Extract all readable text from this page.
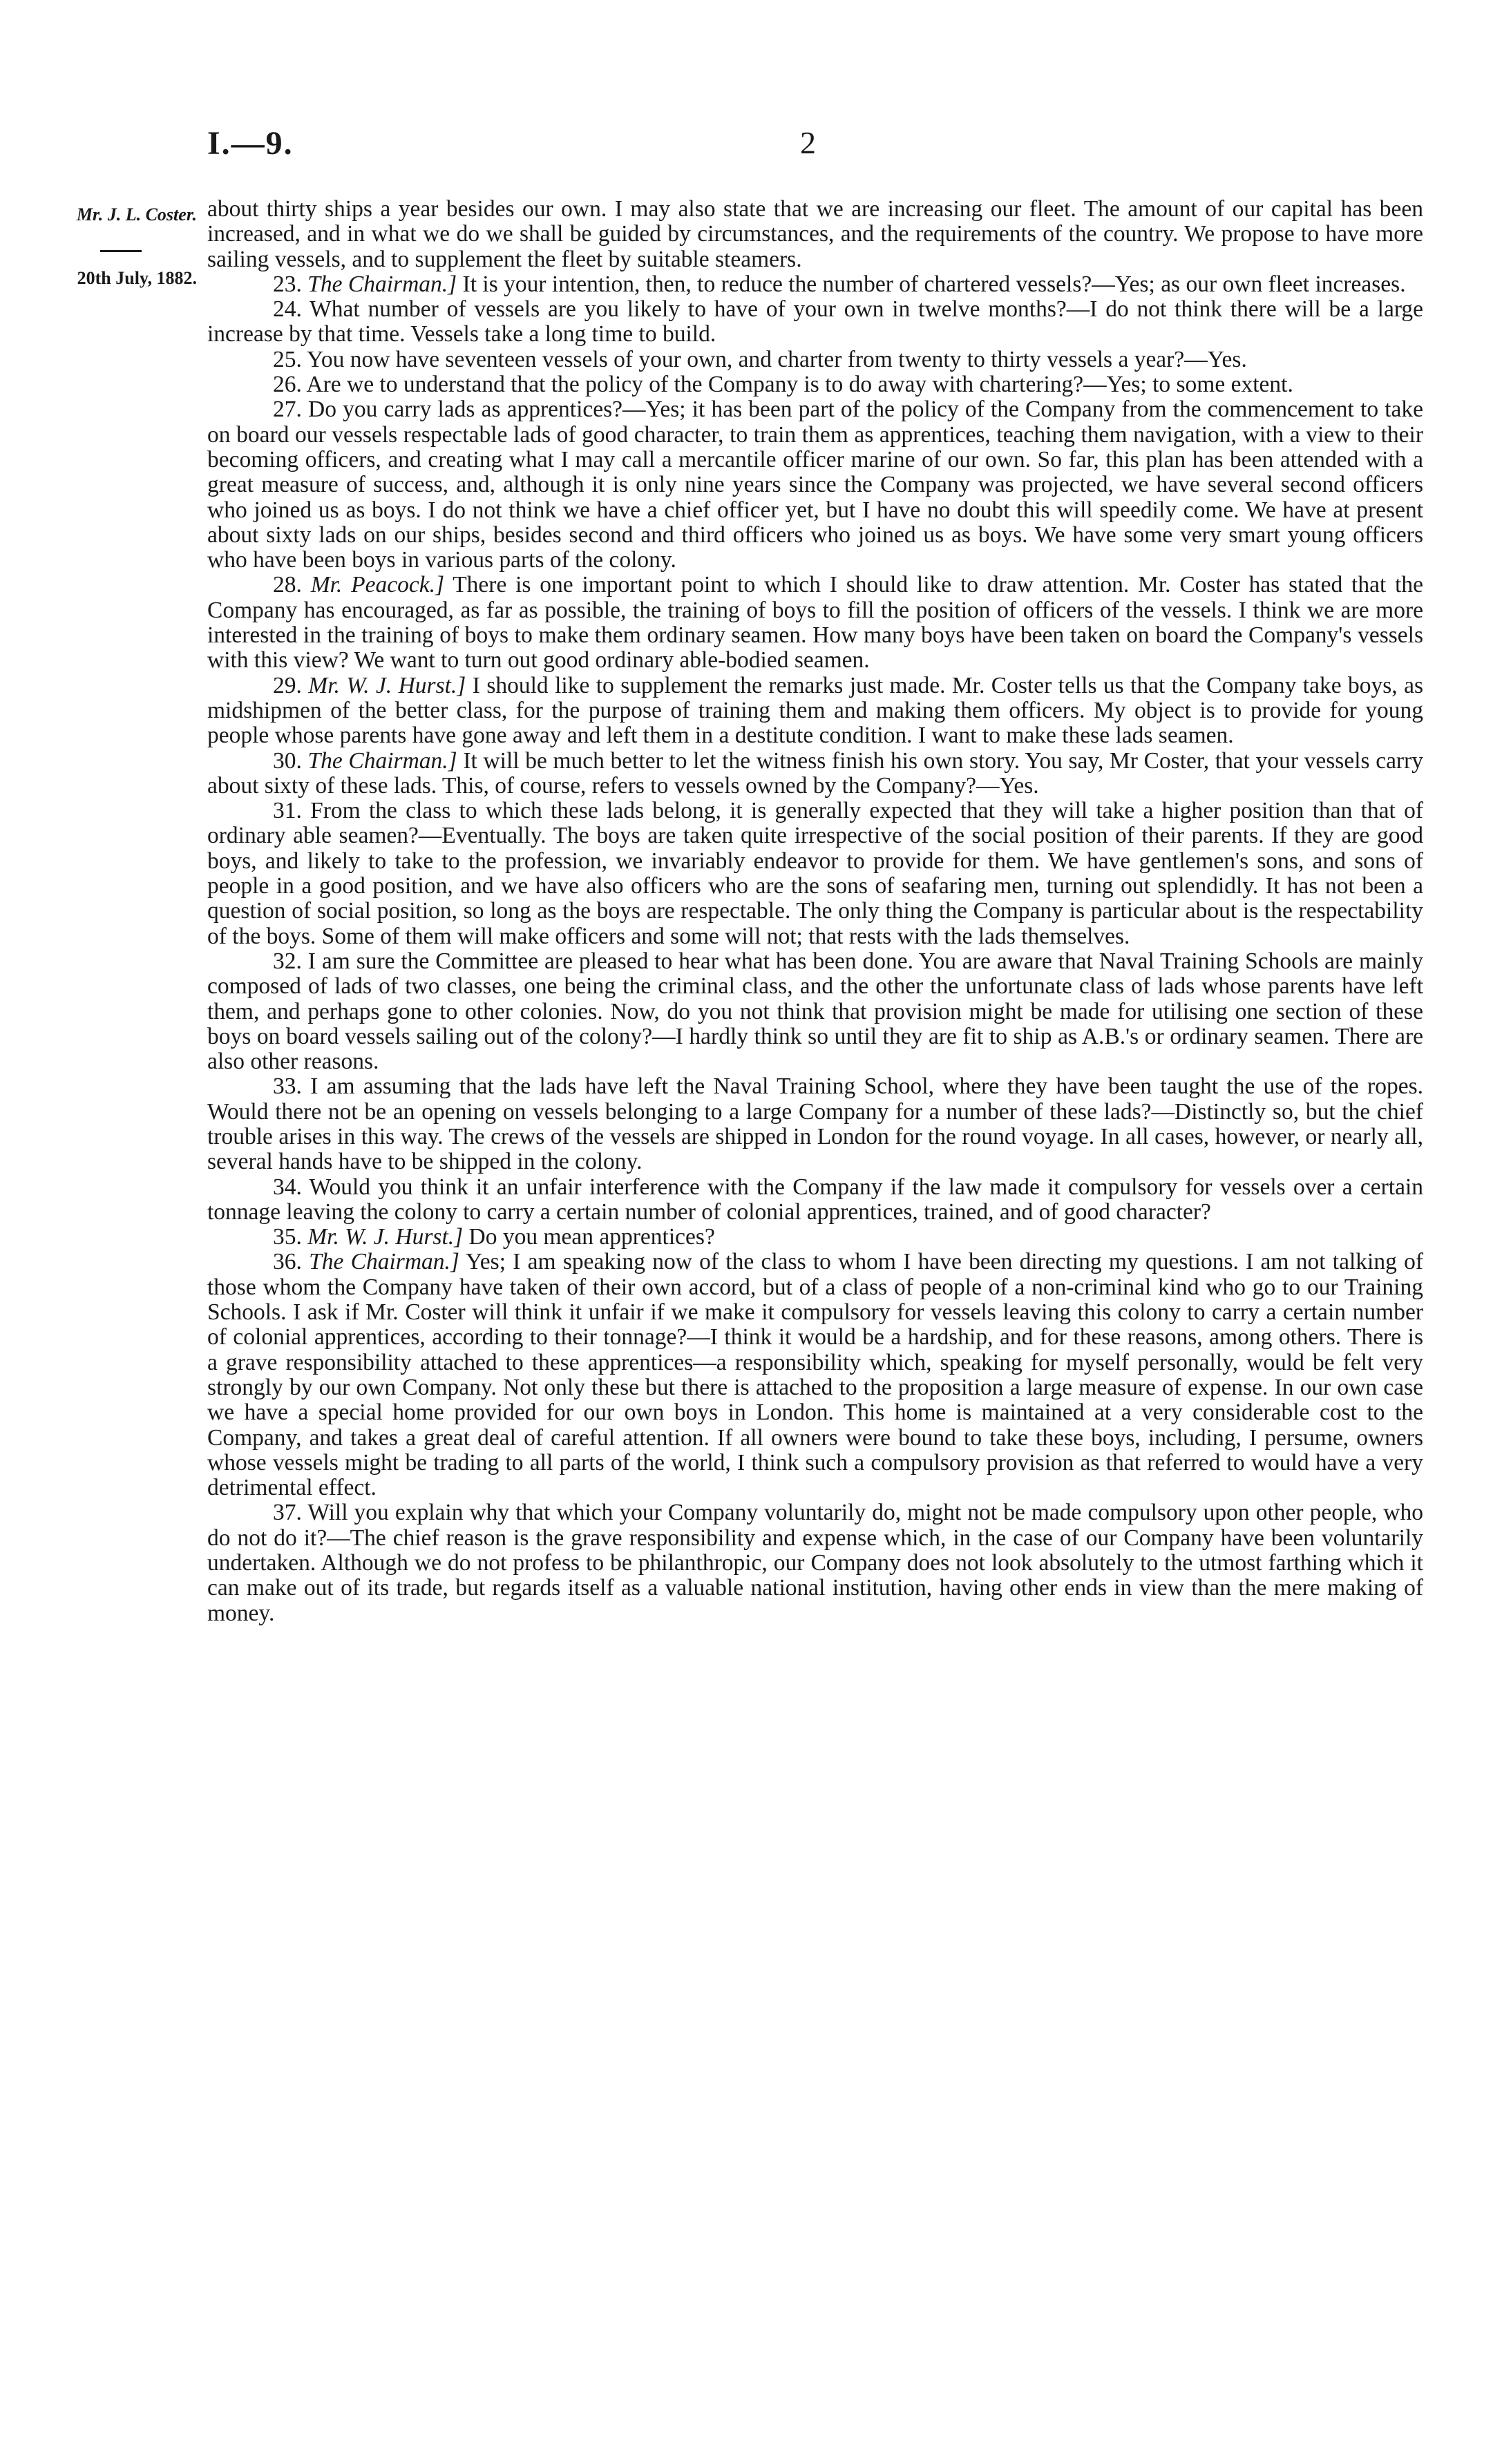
I.—9.	2
Mr. J. L. Coster.
20th July, 1882.

about thirty ships a year besides our own. I may also state that we are increasing our fleet. The amount of our capital has been increased, and in what we do we shall be guided by circumstances, and the requirements of the country. We propose to have more sailing vessels, and to supplement the fleet by suitable steamers.

23. The Chairman.] It is your intention, then, to reduce the number of chartered vessels?—Yes; as our own fleet increases.

24. What number of vessels are you likely to have of your own in twelve months?—I do not think there will be a large increase by that time. Vessels take a long time to build.

25. You now have seventeen vessels of your own, and charter from twenty to thirty vessels a year?—Yes.

26. Are we to understand that the policy of the Company is to do away with chartering?—Yes; to some extent.

27. Do you carry lads as apprentices?—Yes; it has been part of the policy of the Company from the commencement to take on board our vessels respectable lads of good character, to train them as apprentices, teaching them navigation, with a view to their becoming officers, and creating what I may call a mercantile officer marine of our own. So far, this plan has been attended with a great measure of success, and, although it is only nine years since the Company was projected, we have several second officers who joined us as boys. I do not think we have a chief officer yet, but I have no doubt this will speedily come. We have at present about sixty lads on our ships, besides second and third officers who joined us as boys. We have some very smart young officers who have been boys in various parts of the colony.

28. Mr. Peacock.] There is one important point to which I should like to draw attention. Mr. Coster has stated that the Company has encouraged, as far as possible, the training of boys to fill the position of officers of the vessels. I think we are more interested in the training of boys to make them ordinary seamen. How many boys have been taken on board the Company's vessels with this view? We want to turn out good ordinary able-bodied seamen.

29. Mr. W. J. Hurst.] I should like to supplement the remarks just made. Mr. Coster tells us that the Company take boys, as midshipmen of the better class, for the purpose of training them and making them officers. My object is to provide for young people whose parents have gone away and left them in a destitute condition. I want to make these lads seamen.

30. The Chairman.] It will be much better to let the witness finish his own story. You say, Mr Coster, that your vessels carry about sixty of these lads. This, of course, refers to vessels owned by the Company?—Yes.

31. From the class to which these lads belong, it is generally expected that they will take a higher position than that of ordinary able seamen?—Eventually. The boys are taken quite irrespective of the social position of their parents. If they are good boys, and likely to take to the profession, we invariably endeavor to provide for them. We have gentlemen's sons, and sons of people in a good position, and we have also officers who are the sons of seafaring men, turning out splendidly. It has not been a question of social position, so long as the boys are respectable. The only thing the Company is particular about is the respectability of the boys. Some of them will make officers and some will not; that rests with the lads themselves.

32. I am sure the Committee are pleased to hear what has been done. You are aware that Naval Training Schools are mainly composed of lads of two classes, one being the criminal class, and the other the unfortunate class of lads whose parents have left them, and perhaps gone to other colonies. Now, do you not think that provision might be made for utilising one section of these boys on board vessels sailing out of the colony?—I hardly think so until they are fit to ship as A.B.'s or ordinary seamen. There are also other reasons.

33. I am assuming that the lads have left the Naval Training School, where they have been taught the use of the ropes. Would there not be an opening on vessels belonging to a large Company for a number of these lads?—Distinctly so, but the chief trouble arises in this way. The crews of the vessels are shipped in London for the round voyage. In all cases, however, or nearly all, several hands have to be shipped in the colony.

34. Would you think it an unfair interference with the Company if the law made it compulsory for vessels over a certain tonnage leaving the colony to carry a certain number of colonial apprentices, trained, and of good character?

35. Mr. W. J. Hurst.] Do you mean apprentices?

36. The Chairman.] Yes; I am speaking now of the class to whom I have been directing my questions. I am not talking of those whom the Company have taken of their own accord, but of a class of people of a non-criminal kind who go to our Training Schools. I ask if Mr. Coster will think it unfair if we make it compulsory for vessels leaving this colony to carry a certain number of colonial apprentices, according to their tonnage?—I think it would be a hardship, and for these reasons, among others. There is a grave responsibility attached to these apprentices—a responsibility which, speaking for myself personally, would be felt very strongly by our own Company. Not only these but there is attached to the proposition a large measure of expense. In our own case we have a special home provided for our own boys in London. This home is maintained at a very considerable cost to the Company, and takes a great deal of careful attention. If all owners were bound to take these boys, including, I persume, owners whose vessels might be trading to all parts of the world, I think such a compulsory provision as that referred to would have a very detrimental effect.

37. Will you explain why that which your Company voluntarily do, might not be made compulsory upon other people, who do not do it?—The chief reason is the grave responsibility and expense which, in the case of our Company have been voluntarily undertaken. Although we do not profess to be philanthropic, our Company does not look absolutely to the utmost farthing which it can make out of its trade, but regards itself as a valuable national institution, having other ends in view than the mere making of money.
